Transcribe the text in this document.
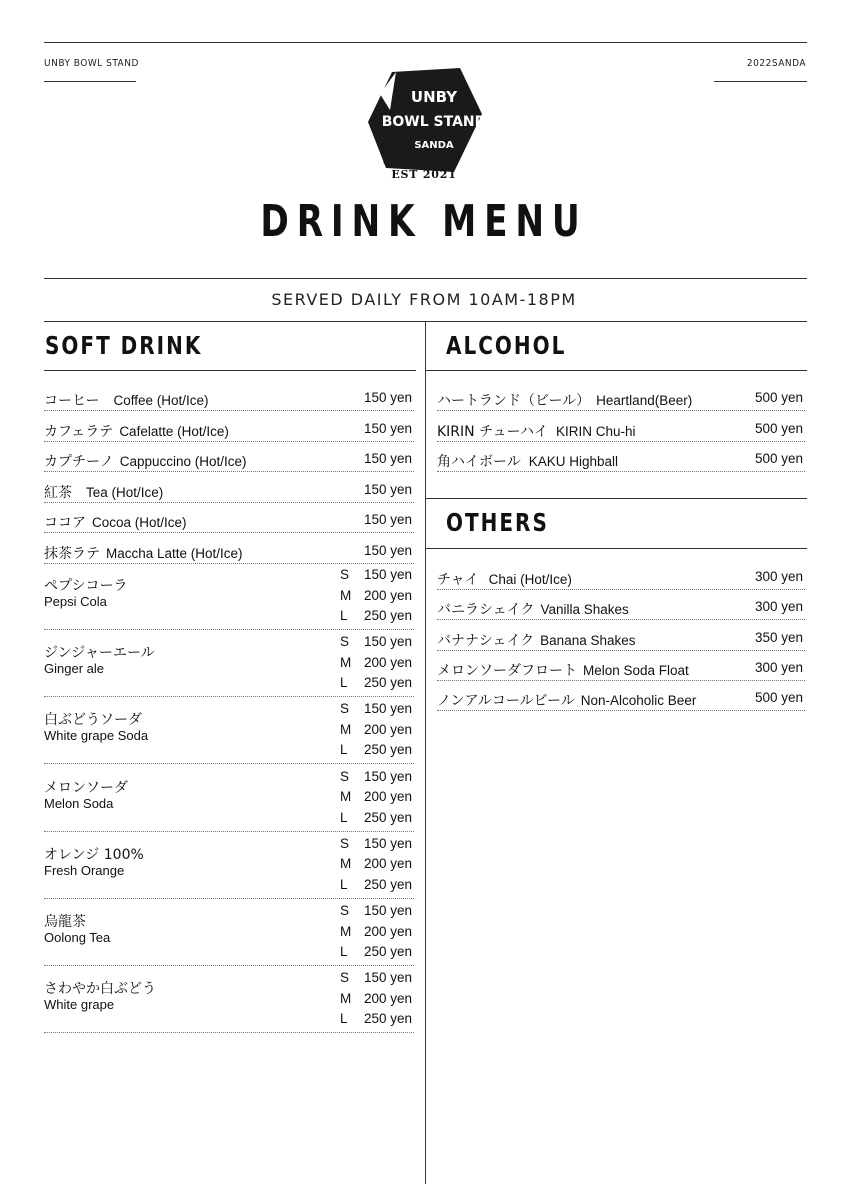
UNBY BOWL STAND	2022SANDA
UNBY
BOWL STAND
SANDA
EST 2021
DRINK MENU
SERVED DAILY FROM 10AM-18PM
SOFT DRINK	ALCOHOL
OTHERS
コーヒー Coffee (Hot/Ice)	150 yen
カフェラテ Cafelatte (Hot/Ice)	150 yen
カプチーノ Cappuccino (Hot/Ice)	150 yen
紅茶 Tea (Hot/Ice)	150 yen
ココア Cocoa (Hot/Ice)	150 yen
抹茶ラテ Maccha Latte (Hot/Ice)	150 yen
ペプシコーラ
Pepsi Cola
S 150 yen
M 200 yen
L 250 yen
ジンジャーエール
Ginger ale
S 150 yen
M 200 yen
L 250 yen
白ぶどうソーダ
White grape Soda
S 150 yen
M 200 yen
L 250 yen
メロンソーダ
Melon Soda
S 150 yen
M 200 yen
L 250 yen
オレンジ 100%
Fresh Orange
S 150 yen
M 200 yen
L 250 yen
烏龍茶
Oolong Tea
S 150 yen
M 200 yen
L 250 yen
さわやか白ぶどう
White grape
S 150 yen
M 200 yen
L 250 yen
ハートランド（ビール） Heartland(Beer)	500 yen
KIRIN チューハイ KIRIN Chu-hi	500 yen
角ハイボール KAKU Highball	500 yen
チャイ Chai (Hot/Ice)	300 yen
バニラシェイク Vanilla Shakes	300 yen
バナナシェイク Banana Shakes	350 yen
メロンソーダフロート Melon Soda Float	300 yen
ノンアルコールビール Non-Alcoholic Beer	500 yen
